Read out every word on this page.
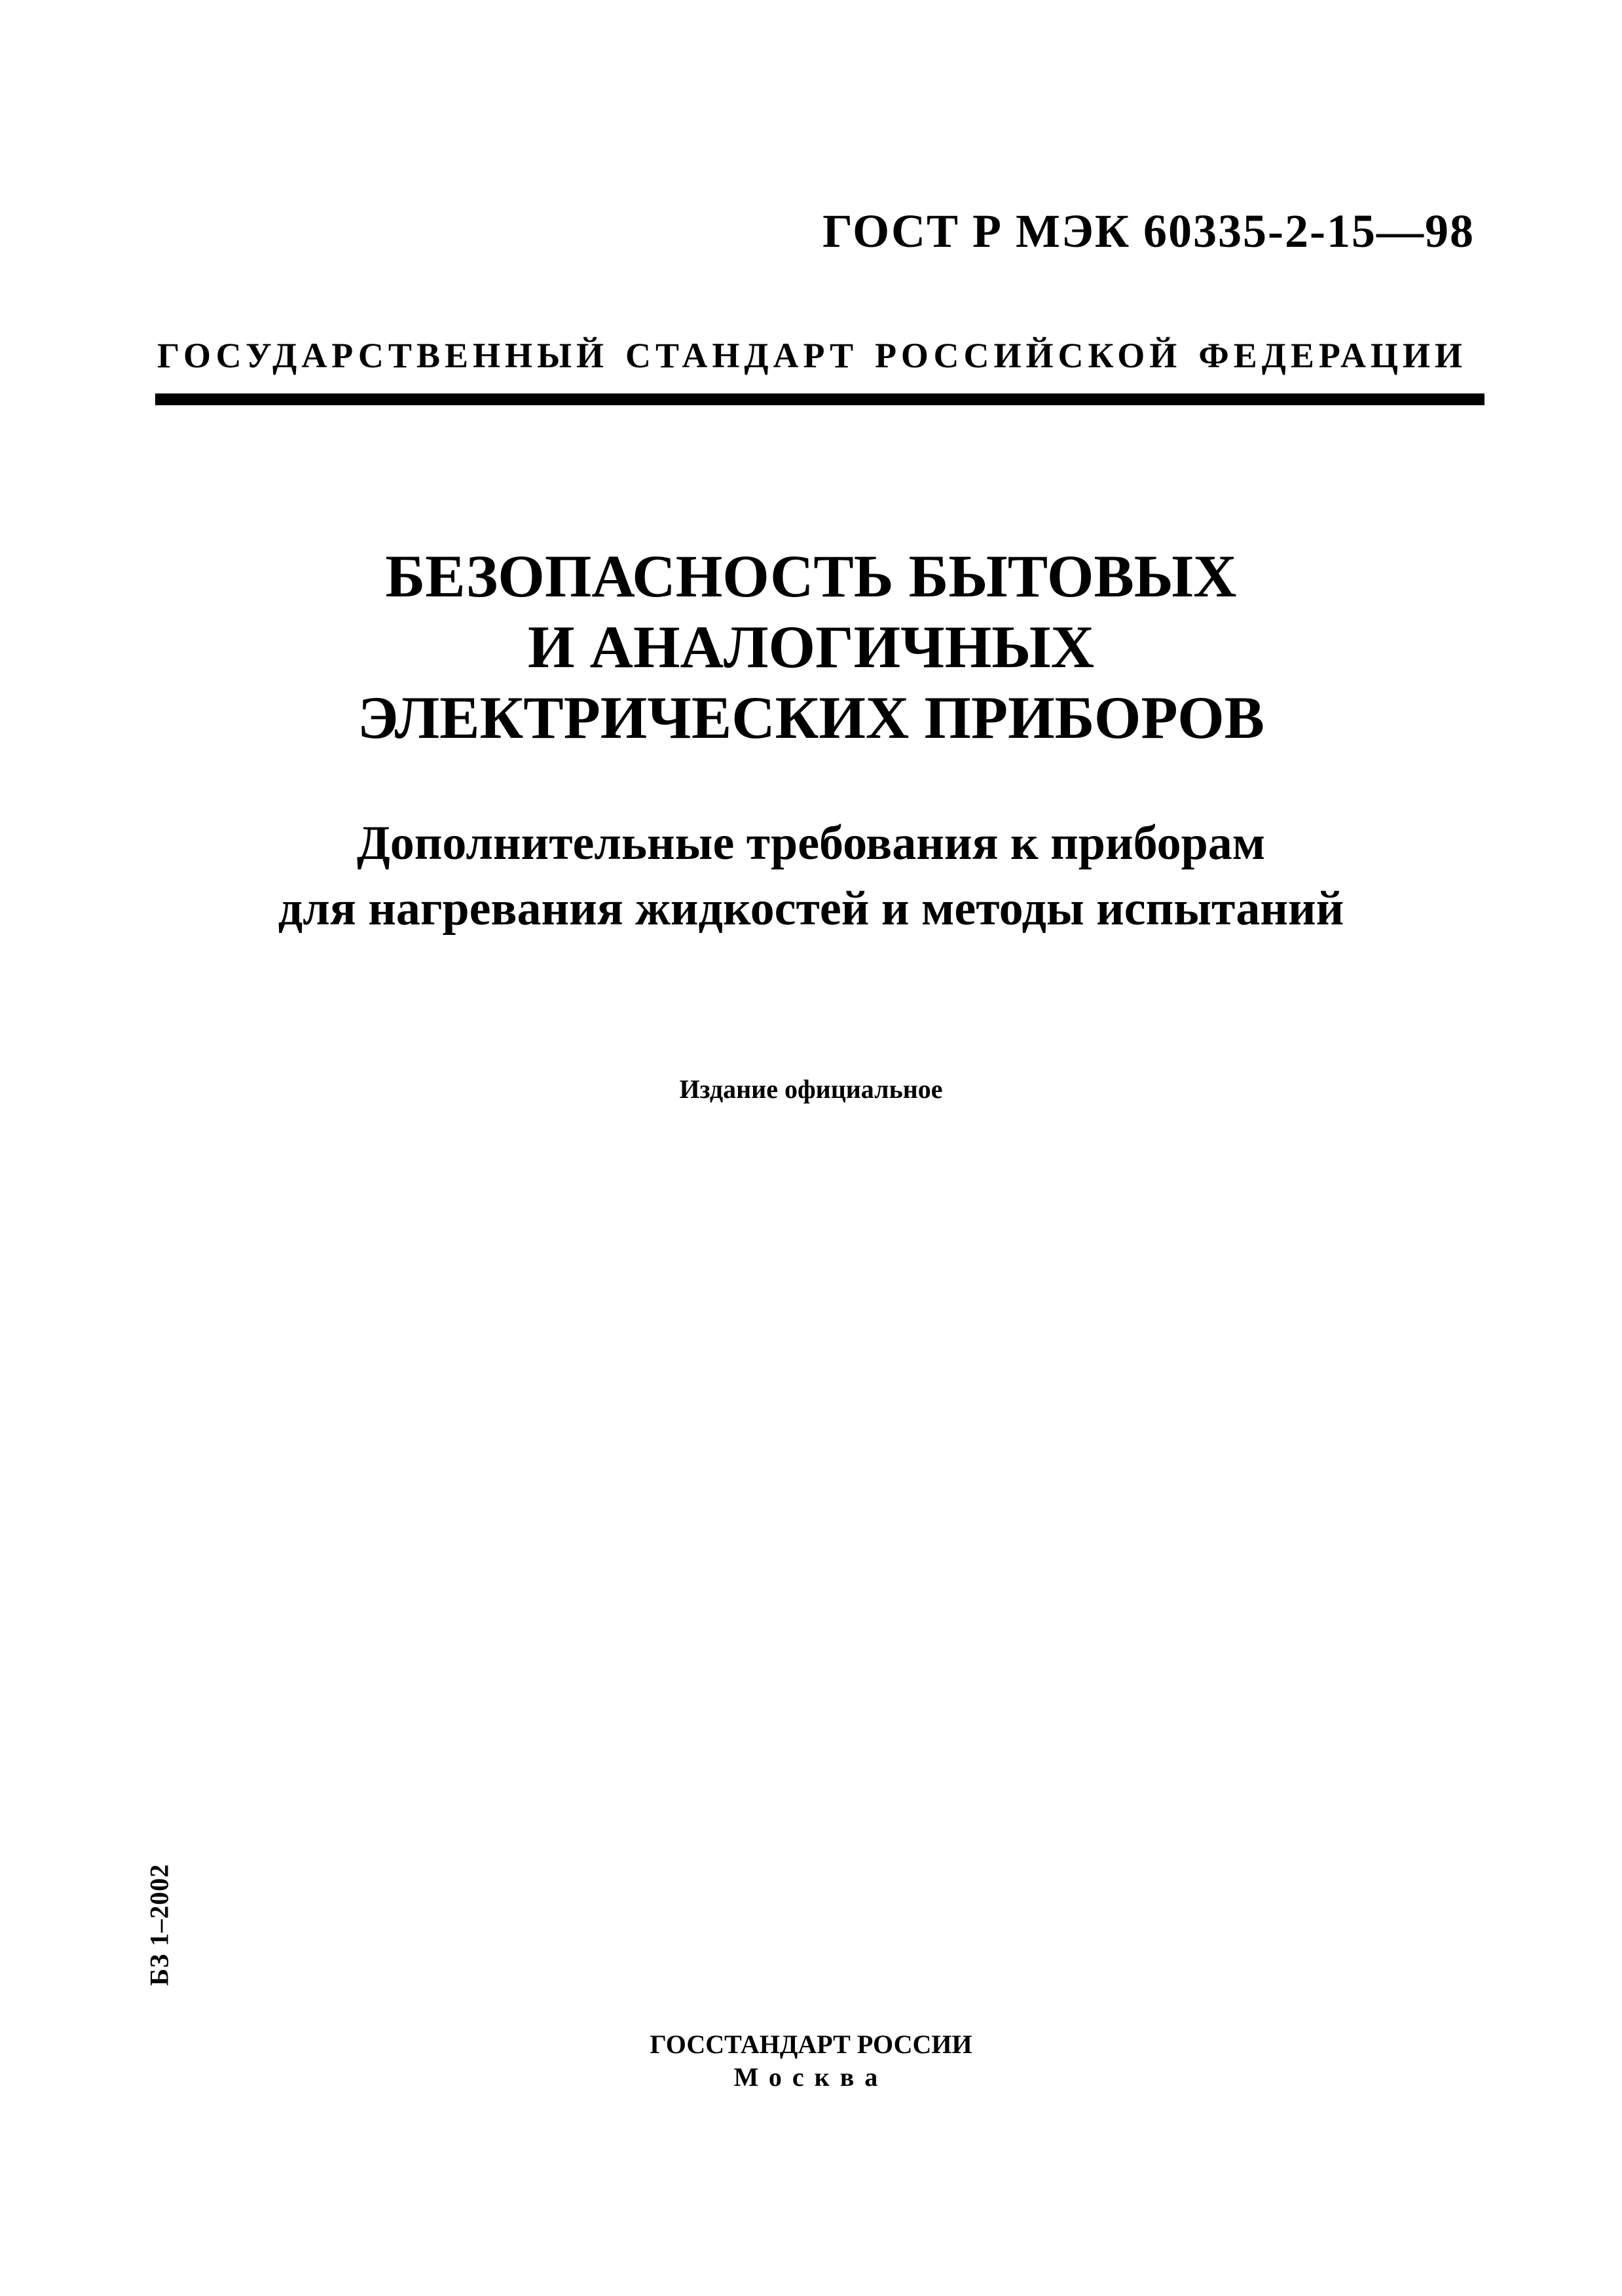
ГОСТ Р МЭК 60335-2-15—98
ГОСУДАРСТВЕННЫЙ СТАНДАРТ РОССИЙСКОЙ ФЕДЕРАЦИИ
БЕЗОПАСНОСТЬ БЫТОВЫХ
И АНАЛОГИЧНЫХ
ЭЛЕКТРИЧЕСКИХ ПРИБОРОВ
Дополнительные требования к приборам
для нагревания жидкостей и методы испытаний
Издание официальное
БЗ 1–2002
ГОССТАНДАРТ РОССИИ
Москва
